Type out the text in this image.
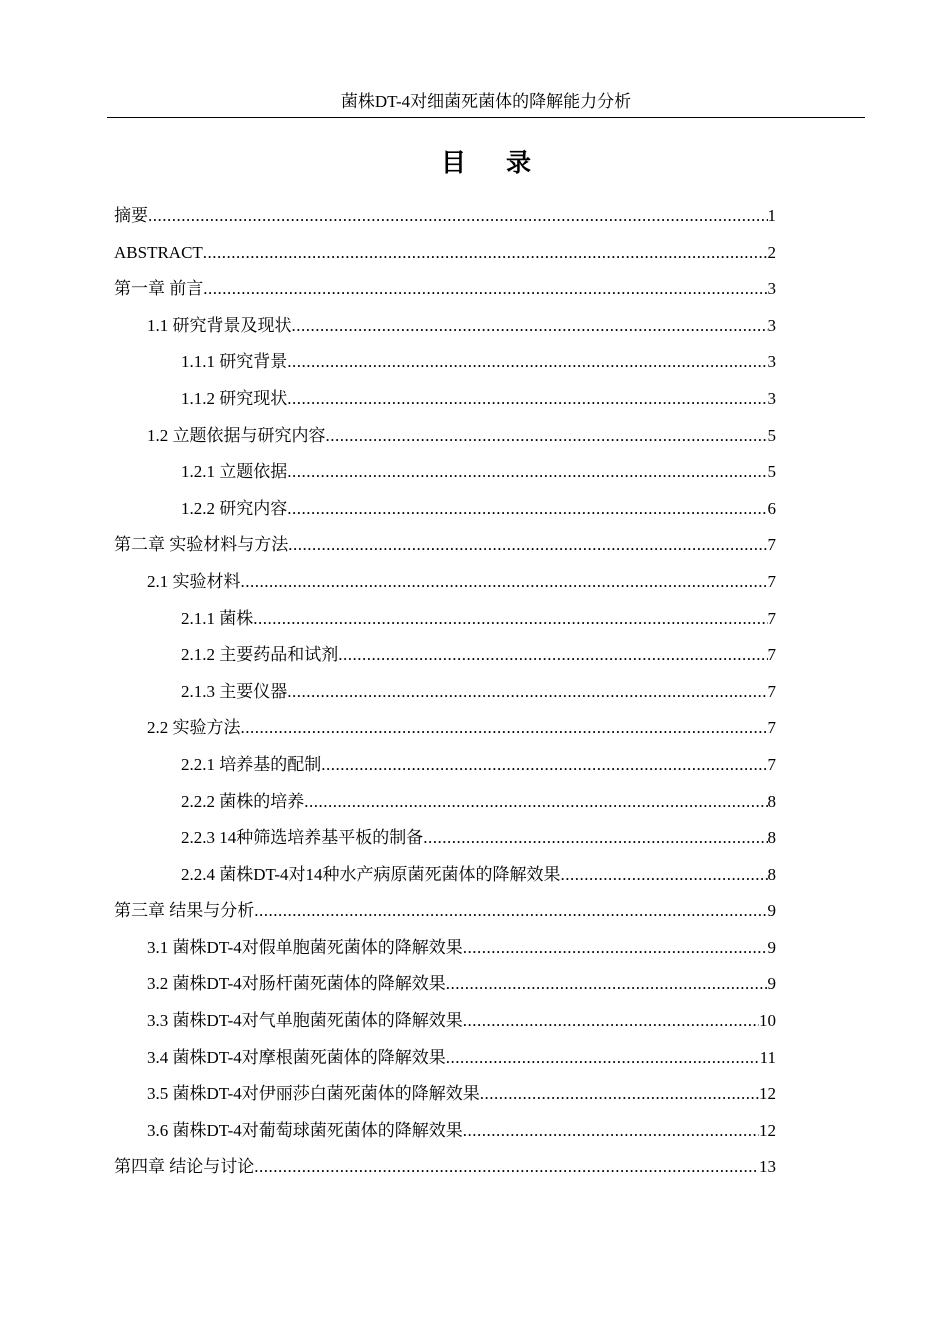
菌株DT-4对细菌死菌体的降解能力分析
目录
摘要 .....	1
ABSTRACT .....	2
第一章 前言 .....	3
1.1 研究背景及现状 .....	3
1.1.1 研究背景 .....	3
1.1.2 研究现状 .....	3
1.2 立题依据与研究内容 .....	5
1.2.1 立题依据 .....	5
1.2.2 研究内容 .....	6
第二章 实验材料与方法 .....	7
2.1 实验材料 .....	7
2.1.1 菌株 .....	7
2.1.2 主要药品和试剂 .....	7
2.1.3 主要仪器 .....	7
2.2 实验方法 .....	7
2.2.1 培养基的配制 .....	7
2.2.2 菌株的培养 .....	8
2.2.3 14种筛选培养基平板的制备 .....	8
2.2.4 菌株DT-4对14种水产病原菌死菌体的降解效果 .....	8
第三章 结果与分析 .....	9
3.1 菌株DT-4对假单胞菌死菌体的降解效果 .....	9
3.2 菌株DT-4对肠杆菌死菌体的降解效果 .....	9
3.3 菌株DT-4对气单胞菌死菌体的降解效果 .....	10
3.4 菌株DT-4对摩根菌死菌体的降解效果 .....	11
3.5 菌株DT-4对伊丽莎白菌死菌体的降解效果 .....	12
3.6 菌株DT-4对葡萄球菌死菌体的降解效果 .....	12
第四章 结论与讨论 .....	13
